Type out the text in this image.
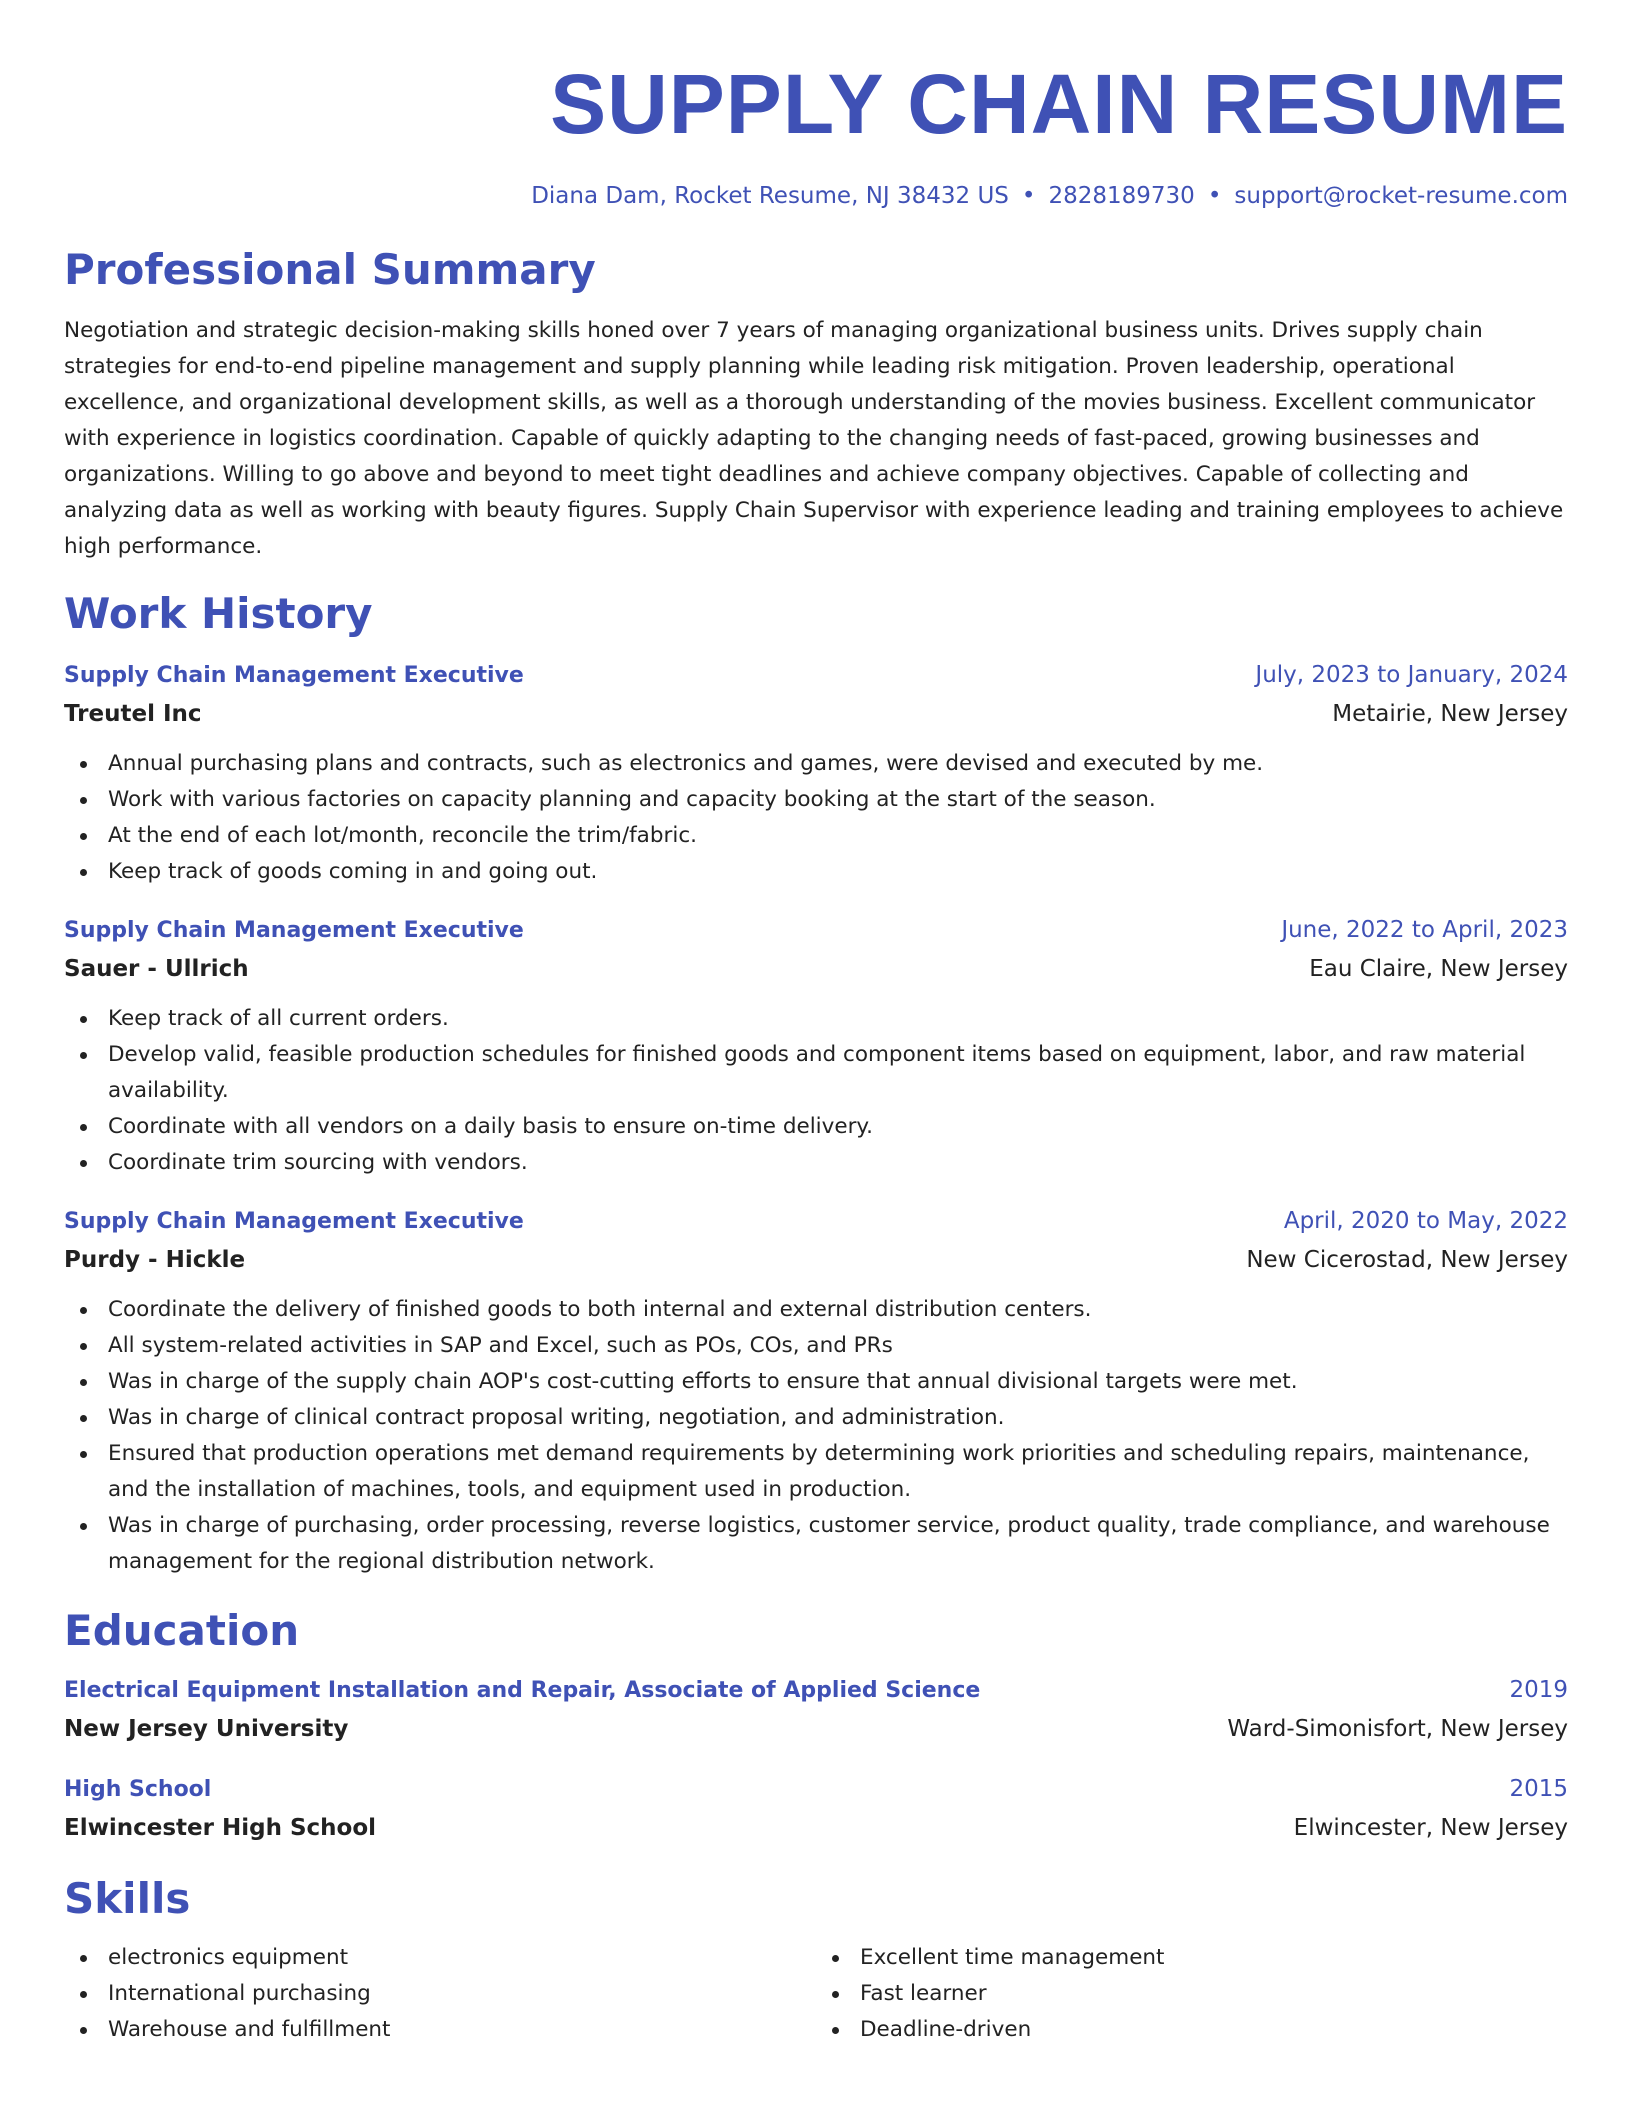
SUPPLY CHAIN RESUME
Diana Dam, Rocket Resume, NJ 38432 US • 2828189730 • support@rocket-resume.com
Professional Summary

Negotiation and strategic decision-making skills honed over 7 years of managing organizational business units. Drives supply chain strategies for end-to-end pipeline management and supply planning while leading risk mitigation. Proven leadership, operational excellence, and organizational development skills, as well as a thorough understanding of the movies business. Excellent communicator with experience in logistics coordination. Capable of quickly adapting to the changing needs of fast-paced, growing businesses and organizations. Willing to go above and beyond to meet tight deadlines and achieve company objectives. Capable of collecting and analyzing data as well as working with beauty figures. Supply Chain Supervisor with experience leading and training employees to achieve high performance.

Work History
Supply Chain Management Executive	July, 2023 to January, 2024
Treutel Inc	Metairie, New Jersey
Annual purchasing plans and contracts, such as electronics and games, were devised and executed by me.
Work with various factories on capacity planning and capacity booking at the start of the season.
At the end of each lot/month, reconcile the trim/fabric.
Keep track of goods coming in and going out.
Supply Chain Management Executive	June, 2022 to April, 2023
Sauer - Ullrich	Eau Claire, New Jersey
Keep track of all current orders.
Develop valid, feasible production schedules for finished goods and component items based on equipment, labor, and raw material availability.
Coordinate with all vendors on a daily basis to ensure on-time delivery.
Coordinate trim sourcing with vendors.
Supply Chain Management Executive	April, 2020 to May, 2022
Purdy - Hickle	New Cicerostad, New Jersey
Coordinate the delivery of finished goods to both internal and external distribution centers.
All system-related activities in SAP and Excel, such as POs, COs, and PRs
Was in charge of the supply chain AOP's cost-cutting efforts to ensure that annual divisional targets were met.
Was in charge of clinical contract proposal writing, negotiation, and administration.
Ensured that production operations met demand requirements by determining work priorities and scheduling repairs, maintenance, and the installation of machines, tools, and equipment used in production.
Was in charge of purchasing, order processing, reverse logistics, customer service, product quality, trade compliance, and warehouse management for the regional distribution network.
Education
Electrical Equipment Installation and Repair, Associate of Applied Science	2019
New Jersey University	Ward-Simonisfort, New Jersey
High School	2015
Elwincester High School	Elwincester, New Jersey
Skills
electronics equipment
International purchasing
Warehouse and fulfillment
Excellent time management
Fast learner
Deadline-driven
